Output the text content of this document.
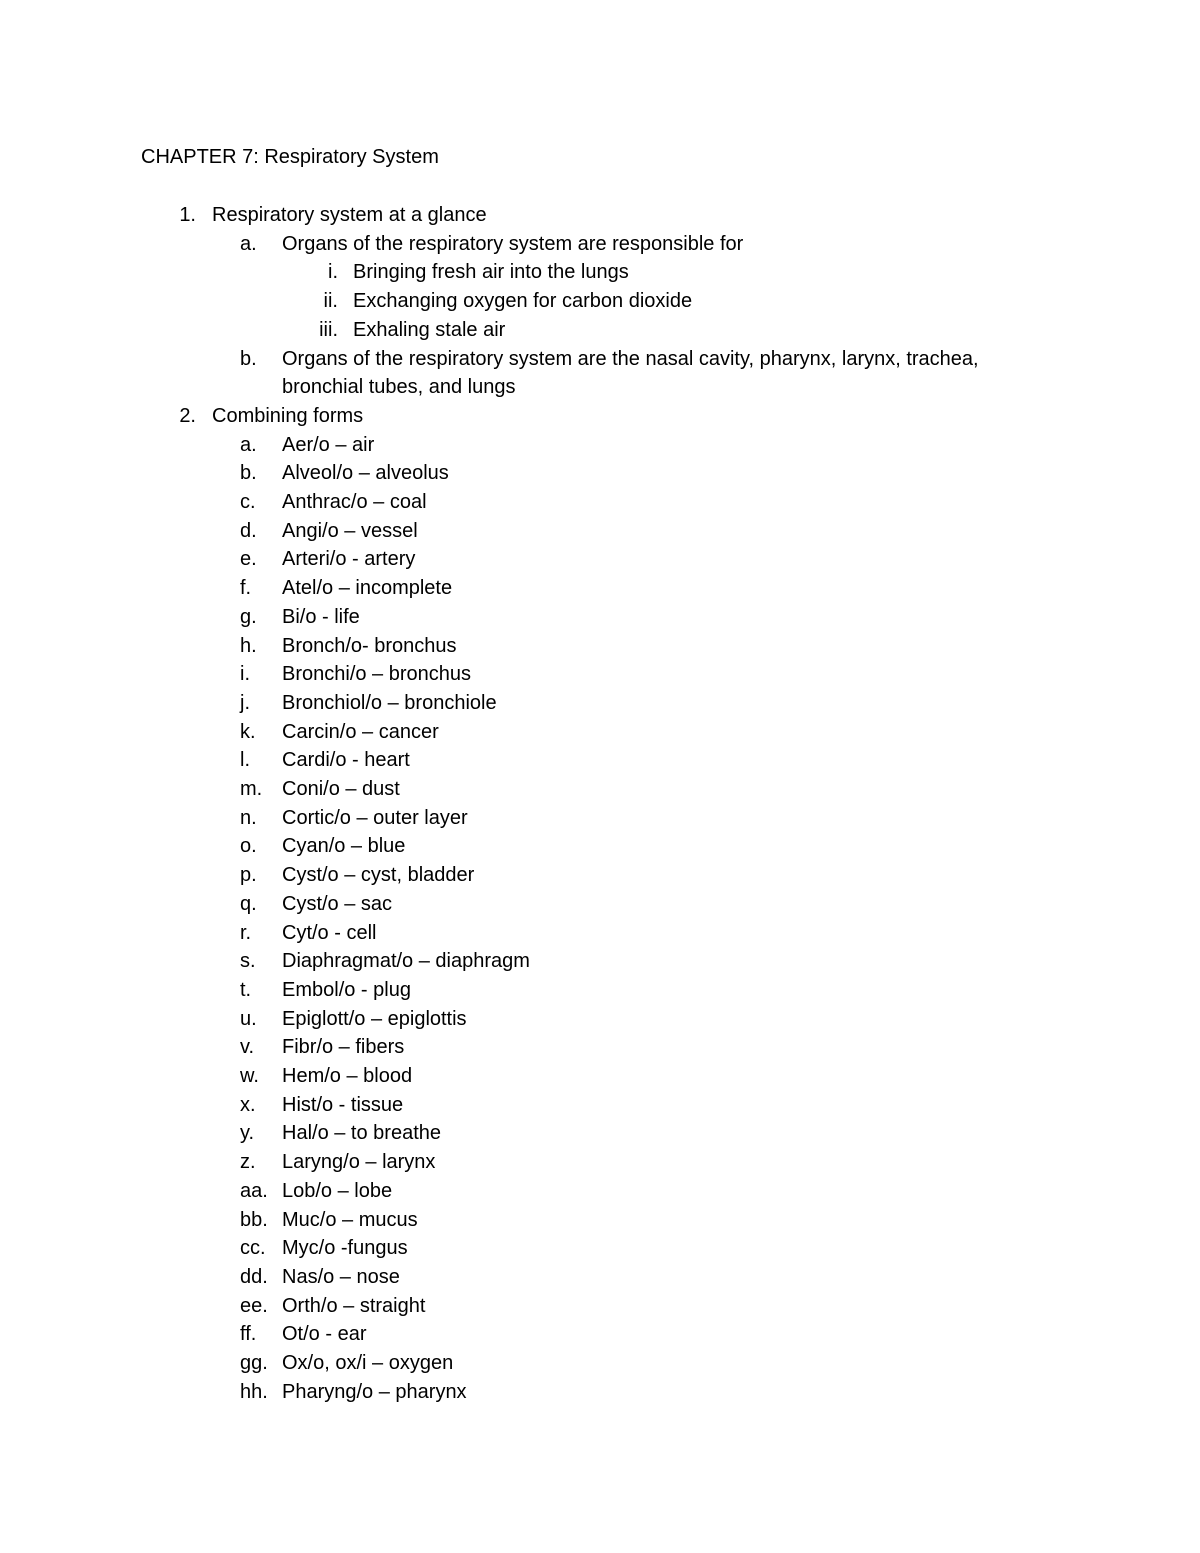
CHAPTER 7: Respiratory System
1. Respiratory system at a glance
a.	Organs of the respiratory system are responsible for
i. Bringing fresh air into the lungs
ii. Exchanging oxygen for carbon dioxide
iii. Exhaling stale air
b.	Organs of the respiratory system are the nasal cavity, pharynx, larynx, trachea,
bronchial tubes, and lungs
2. Combining forms
a.	Aer/o – air
b.	Alveol/o – alveolus
c.	Anthrac/o – coal
d.	Angi/o – vessel
e.	Arteri/o - artery
f.	Atel/o – incomplete
g.	Bi/o - life
h.	Bronch/o- bronchus
i.	Bronchi/o – bronchus
j.	Bronchiol/o – bronchiole
k.	Carcin/o – cancer
l.	Cardi/o - heart
m. Coni/o – dust
n.	Cortic/o – outer layer
o.	Cyan/o – blue
p.	Cyst/o – cyst, bladder
q.	Cyst/o – sac
r.	Cyt/o - cell
s.	Diaphragmat/o – diaphragm
t.	Embol/o - plug
u.	Epiglott/o – epiglottis
v.	Fibr/o – fibers
w.	Hem/o – blood
x.	Hist/o - tissue
y.	Hal/o – to breathe
z.	Laryng/o – larynx
aa. Lob/o – lobe
bb. Muc/o – mucus
cc. Myc/o -fungus
dd. Nas/o – nose
ee. Orth/o – straight
ff.	Ot/o - ear
gg. Ox/o, ox/i – oxygen
hh. Pharyng/o – pharynx
